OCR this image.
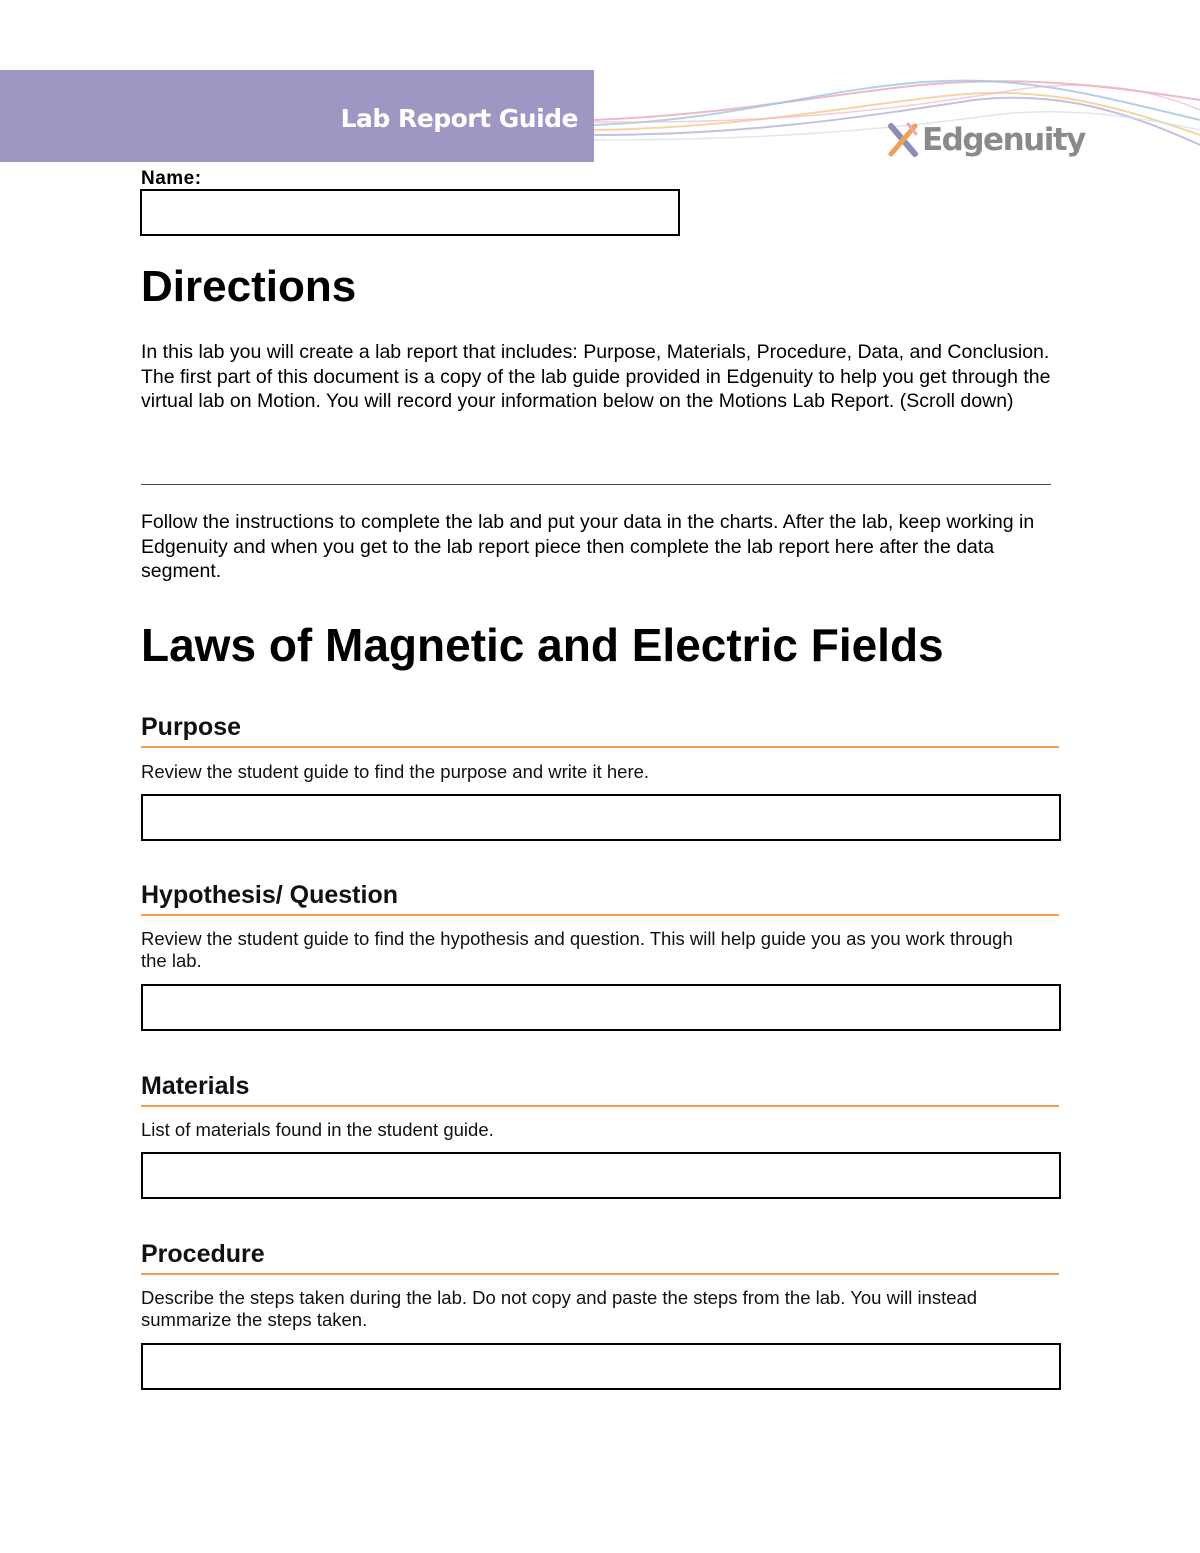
Lab Report Guide
Edgenuity
Name:
Directions

In this lab you will create a lab report that includes: Purpose, Materials, Procedure, Data, and Conclusion. The first part of this document is a copy of the lab guide provided in Edgenuity to help you get through the virtual lab on Motion. You will record your information below on the Motions Lab Report. (Scroll down)

Follow the instructions to complete the lab and put your data in the charts. After the lab, keep working in Edgenuity and when you get to the lab report piece then complete the lab report here after the data segment.

Laws of Magnetic and Electric Fields
Purpose

Review the student guide to find the purpose and write it here.

Hypothesis/ Question

Review the student guide to find the hypothesis and question. This will help guide you as you work through the lab.

Materials

List of materials found in the student guide.

Procedure

Describe the steps taken during the lab. Do not copy and paste the steps from the lab. You will instead summarize the steps taken.
